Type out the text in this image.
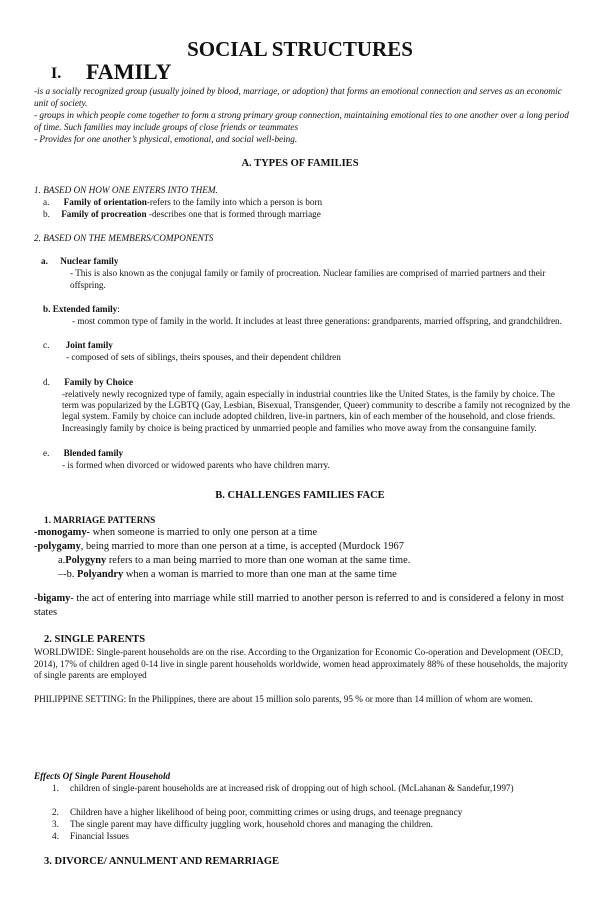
SOCIAL STRUCTURES
I. FAMILY
-is a socially recognized group (usually joined by blood, marriage, or adoption) that forms an emotional connection and serves as an economic unit of society.
- groups in which people come together to form a strong primary group connection, maintaining emotional ties to one another over a long period of time. Such families may include groups of close friends or teammates
- Provides for one another’s physical, emotional, and social well-being.
A. TYPES OF FAMILIES
1. BASED ON HOW ONE ENTERS INTO THEM.
a. Family of orientation-refers to the family into which a person is born
b. Family of procreation -describes one that is formed through marriage
2. BASED ON THE MEMBERS/COMPONENTS
a. Nuclear family
- This is also known as the conjugal family or family of procreation. Nuclear families are comprised of married partners and their offspring.
b. Extended family:
- most common type of family in the world. It includes at least three generations: grandparents, married offspring, and grandchildren.
c. Joint family
- composed of sets of siblings, theirs spouses, and their dependent children
d. Family by Choice
-relatively newly recognized type of family, again especially in industrial countries like the United States, is the family by choice. The term was popularized by the LGBTQ (Gay, Lesbian, Bisexual, Transgender, Queer) community to describe a family not recognized by the legal system. Family by choice can include adopted children, live-in partners, kin of each member of the household, and close friends. Increasingly family by choice is being practiced by unmarried people and families who move away from the consanguine family.
e. Blended family
- is formed when divorced or widowed parents who have children marry.
B. CHALLENGES FAMILIES FACE
1. MARRIAGE PATTERNS
-monogamy- when someone is married to only one person at a time
-polygamy, being married to more than one person at a time, is accepted (Murdock 1967
a.Polygyny refers to a man being married to more than one woman at the same time.
–-b. Polyandry when a woman is married to more than one man at the same time
-bigamy- the act of entering into marriage while still married to another person is referred to and is considered a felony in most states
2. SINGLE PARENTS
WORLDWIDE: Single-parent households are on the rise. According to the Organization for Economic Co-operation and Development (OECD, 2014), 17% of children aged 0-14 live in single parent households worldwide, women head approximately 88% of these households, the majority of single parents are employed
PHILIPPINE SETTING: In the Philippines, there are about 15 million solo parents, 95 % or more than 14 million of whom are women.
Effects Of Single Parent Household
1. children of single-parent households are at increased risk of dropping out of high school. (McLahanan & Sandefur,1997)
2. Children have a higher likelihood of being poor, committing crimes or using drugs, and teenage pregnancy
3. The single parent may have difficulty juggling work, household chores and managing the children.
4. Financial Issues
3. DIVORCE/ ANNULMENT AND REMARRIAGE
